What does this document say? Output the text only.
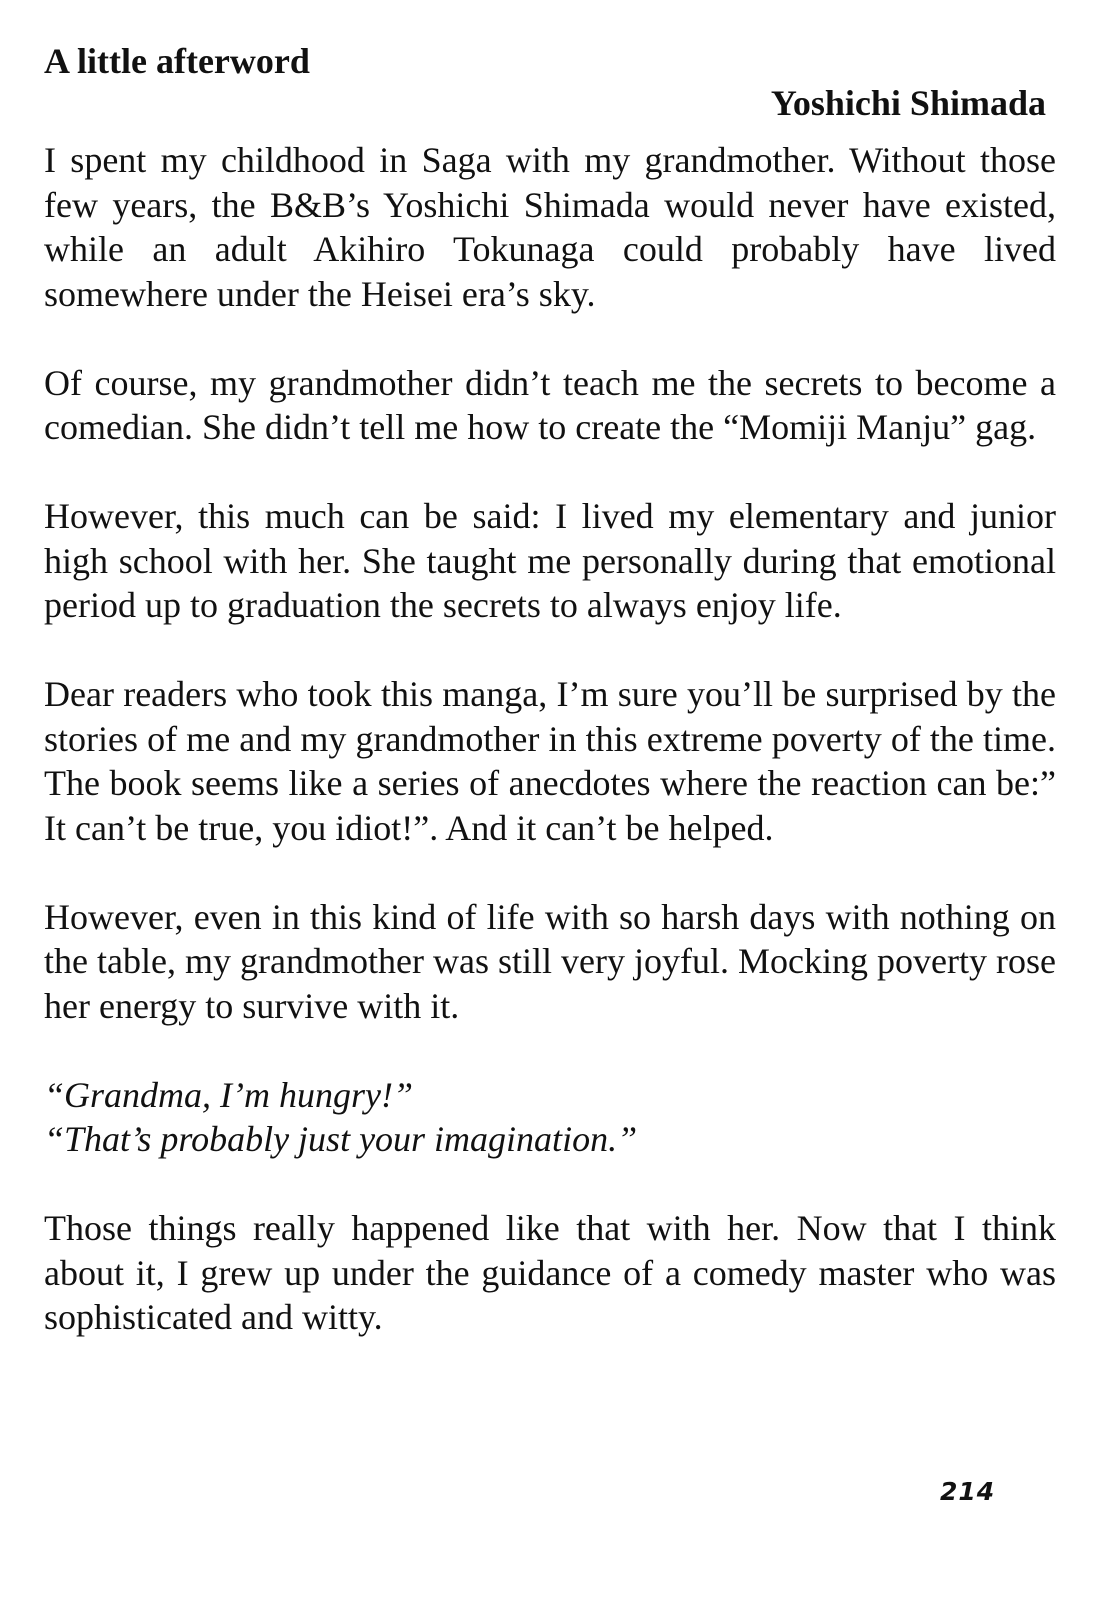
A little afterword
Yoshichi Shimada

I spent my childhood in Saga with my grandmother. Without those few years, the B&B’s Yoshichi Shimada would never have existed, while an adult Akihiro Tokunaga could probably have lived somewhere under the Heisei era’s sky.

Of course, my grandmother didn’t teach me the secrets to become a comedian. She didn’t tell me how to create the “Momiji Manju” gag.

However, this much can be said: I lived my elementary and junior high school with her. She taught me personally during that emotional period up to graduation the secrets to always enjoy life.

Dear readers who took this manga, I’m sure you’ll be surprised by the stories of me and my grandmother in this extreme poverty of the time. The book seems like a series of anecdotes where the reaction can be:” It can’t be true, you idiot!”. And it can’t be helped.

However, even in this kind of life with so harsh days with nothing on the table, my grandmother was still very joyful. Mocking poverty rose her energy to survive with it.

“Grandma, I’m hungry!”
“That’s probably just your imagination.”

Those things really happened like that with her. Now that I think about it, I grew up under the guidance of a comedy master who was sophisticated and witty.

214
